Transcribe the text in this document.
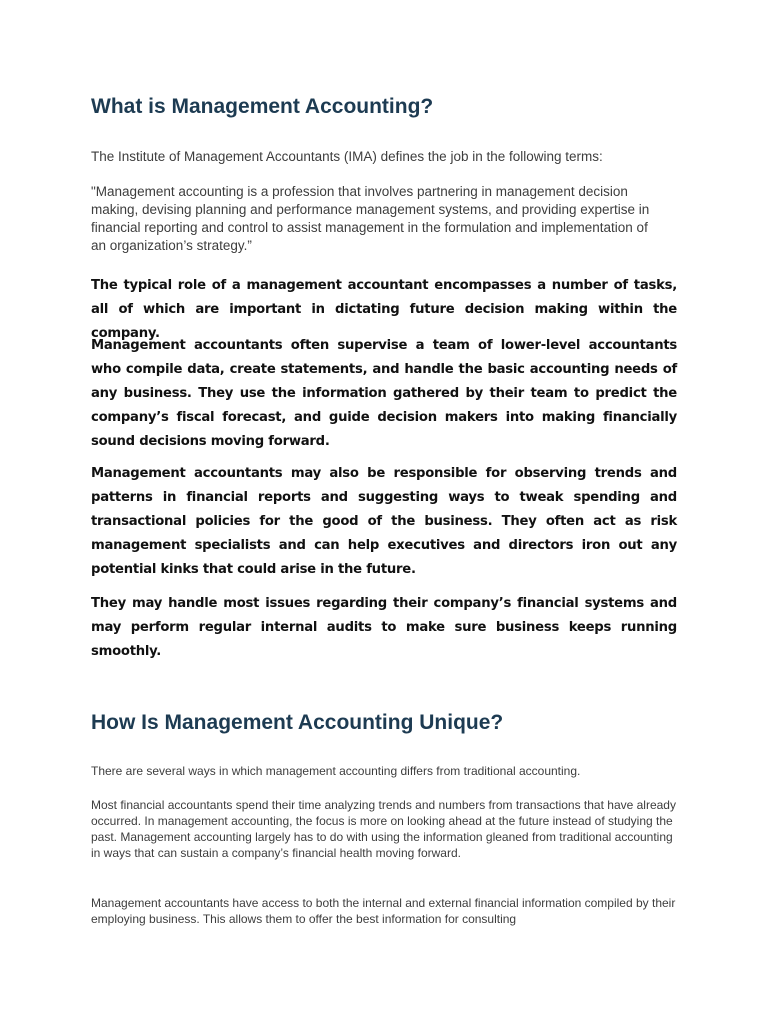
What is Management Accounting?

The Institute of Management Accountants (IMA) defines the job in the following terms:

"Management accounting is a profession that involves partnering in management decision making, devising planning and performance management systems, and providing expertise in financial reporting and control to assist management in the formulation and implementation of an organization’s strategy.”

The typical role of a management accountant encompasses a number of tasks, all of which are important in dictating future decision making within the company.

Management accountants often supervise a team of lower-level accountants who compile data, create statements, and handle the basic accounting needs of any business. They use the information gathered by their team to predict the company’s fiscal forecast, and guide decision makers into making financially sound decisions moving forward.

Management accountants may also be responsible for observing trends and patterns in financial reports and suggesting ways to tweak spending and transactional policies for the good of the business. They often act as risk management specialists and can help executives and directors iron out any potential kinks that could arise in the future.

They may handle most issues regarding their company’s financial systems and may perform regular internal audits to make sure business keeps running smoothly.

How Is Management Accounting Unique?

There are several ways in which management accounting differs from traditional accounting.

Most financial accountants spend their time analyzing trends and numbers from transactions that have already occurred. In management accounting, the focus is more on looking ahead at the future instead of studying the past. Management accounting largely has to do with using the information gleaned from traditional accounting in ways that can sustain a company’s financial health moving forward.

Management accountants have access to both the internal and external financial information compiled by their employing business. This allows them to offer the best information for consulting
